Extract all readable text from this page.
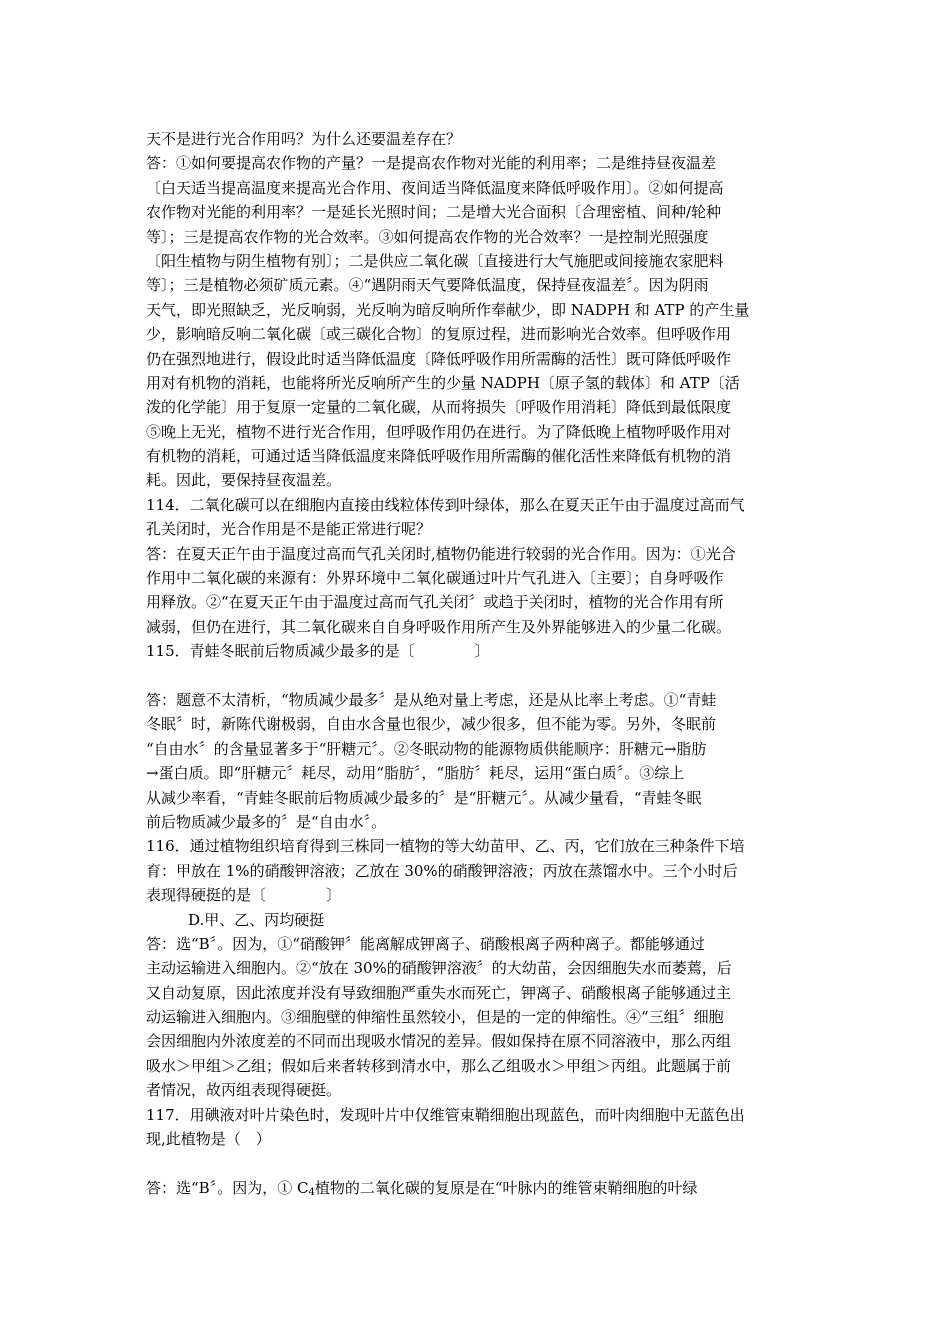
天不是进行光合作用吗？为什么还要温差存在？
答：①如何要提高农作物的产量？一是提高农作物对光能的利用率；二是维持昼夜温差
〔白天适当提高温度来提高光合作用、夜间适当降低温度来降低呼吸作用〕。②如何提高
农作物对光能的利用率？一是延长光照时间；二是增大光合面积〔合理密植、间种/轮种
等〕；三是提高农作物的光合效率。③如何提高农作物的光合效率？一是控制光照强度
〔阳生植物与阴生植物有别〕；二是供应二氧化碳〔直接进行大气施肥或间接施农家肥料
等〕；三是植物必须矿质元素。④“遇阴雨天气要降低温度，保持昼夜温差〞。因为阴雨
天气，即光照缺乏，光反响弱，光反响为暗反响所作奉献少，即 NADPH 和 ATP 的产生量
少，影响暗反响二氧化碳〔或三碳化合物〕的复原过程，进而影响光合效率。但呼吸作用
仍在强烈地进行，假设此时适当降低温度〔降低呼吸作用所需酶的活性〕既可降低呼吸作
用对有机物的消耗，也能将所光反响所产生的少量 NADPH〔原子氢的载体〕和 ATP〔活
泼的化学能〕用于复原一定量的二氧化碳，从而将损失〔呼吸作用消耗〕降低到最低限度
⑤晚上无光，植物不进行光合作用，但呼吸作用仍在进行。为了降低晚上植物呼吸作用对
有机物的消耗，可通过适当降低温度来降低呼吸作用所需酶的催化活性来降低有机物的消
耗。因此，要保持昼夜温差。
114．二氧化碳可以在细胞内直接由线粒体传到叶绿体，那么在夏天正午由于温度过高而气
孔关闭时，光合作用是不是能正常进行呢？
答：在夏天正午由于温度过高而气孔关闭时,植物仍能进行较弱的光合作用。因为：①光合
作用中二氧化碳的来源有：外界环境中二氧化碳通过叶片气孔进入〔主要〕；自身呼吸作
用释放。②“在夏天正午由于温度过高而气孔关闭〞或趋于关闭时，植物的光合作用有所
减弱，但仍在进行，其二氧化碳来自自身呼吸作用所产生及外界能够进入的少量二化碳。
115．青蛙冬眠前后物质减少最多的是〔　　　　〕
答：题意不太清析，“物质减少最多〞是从绝对量上考虑，还是从比率上考虑。①“青蛙
冬眠〞时，新陈代谢极弱，自由水含量也很少，减少很多，但不能为零。另外，冬眠前
“自由水〞的含量显著多于“肝糖元〞。②冬眠动物的能源物质供能顺序：肝糖元→脂肪
→蛋白质。即“肝糖元〞耗尽，动用“脂肪〞，“脂肪〞耗尽，运用“蛋白质〞。③综上
从减少率看，“青蛙冬眠前后物质减少最多的〞是“肝糖元〞。从减少量看，“青蛙冬眠
前后物质减少最多的〞是“自由水〞。
116．通过植物组织培育得到三株同一植物的等大幼苗甲、乙、丙，它们放在三种条件下培
育：甲放在 1%的硝酸钾溶液；乙放在 30%的硝酸钾溶液；丙放在蒸馏水中。三个小时后
表现得硬挺的是〔　　　　〕
D.甲、乙、丙均硬挺
答：选“B〞。因为，①“硝酸钾〞能离解成钾离子、硝酸根离子两种离子。都能够通过
主动运输进入细胞内。②“放在 30%的硝酸钾溶液〞的大幼苗，会因细胞失水而萎蔫，后
又自动复原，因此浓度并没有导致细胞严重失水而死亡，钾离子、硝酸根离子能够通过主
动运输进入细胞内。③细胞壁的伸缩性虽然较小，但是的一定的伸缩性。④“三组〞细胞
会因细胞内外浓度差的不同而出现吸水情况的差异。假如保持在原不同溶液中，那么丙组
吸水＞甲组＞乙组；假如后来者转移到清水中，那么乙组吸水＞甲组＞丙组。此题属于前
者情况，故丙组表现得硬挺。
117．用碘液对叶片染色时，发现叶片中仅维管束鞘细胞出现蓝色，而叶肉细胞中无蓝色出
现,此植物是（　）
答：选“B〞。因为，① $C_4$植物的二氧化碳的复原是在“叶脉内的维管束鞘细胞的叶绿
